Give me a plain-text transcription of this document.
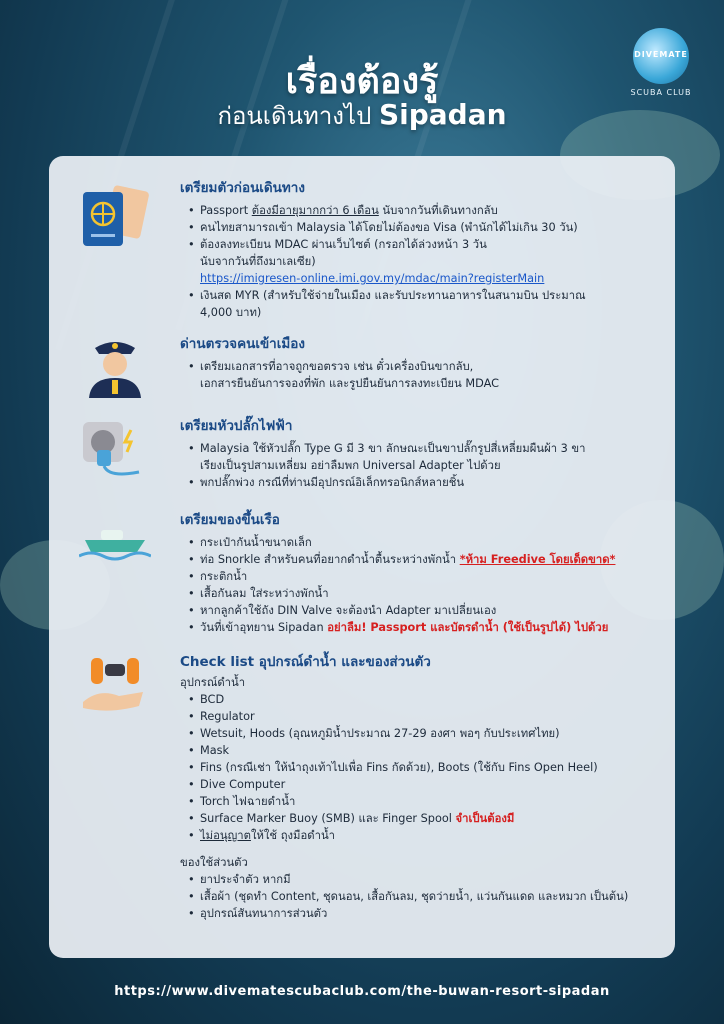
DIVEMATE
SCUBA CLUB
เรื่องต้องรู้
ก่อนเดินทางไป Sipadan
เตรียมตัวก่อนเดินทาง
• Passport ต้องมีอายุมากกว่า 6 เดือน นับจากวันที่เดินทางกลับ
• คนไทยสามารถเข้า Malaysia ได้โดยไม่ต้องขอ Visa (พำนักได้ไม่เกิน 30 วัน)
• ต้องลงทะเบียน MDAC ผ่านเว็บไซต์ (กรอกได้ล่วงหน้า 3 วัน
นับจากวันที่ถึงมาเลเซีย)
https://imigresen-online.imi.gov.my/mdac/main?registerMain
• เงินสด MYR (สำหรับใช้จ่ายในเมือง และรับประทานอาหารในสนามบิน ประมาณ
4,000 บาท)
ด่านตรวจคนเข้าเมือง
• เตรียมเอกสารที่อาจถูกขอตรวจ เช่น ตั๋วเครื่องบินขากลับ,
เอกสารยืนยันการจองที่พัก และรูปยืนยันการลงทะเบียน MDAC
เตรียมหัวปลั๊กไฟฟ้า
• Malaysia ใช้หัวปลั๊ก Type G มี 3 ขา ลักษณะเป็นขาปลั๊กรูปสี่เหลี่ยมผืนผ้า 3 ขา
เรียงเป็นรูปสามเหลี่ยม อย่าลืมพก Universal Adapter ไปด้วย
• พกปลั๊กพ่วง กรณีที่ท่านมีอุปกรณ์อิเล็กทรอนิกส์หลายชิ้น
เตรียมของขึ้นเรือ
• กระเป๋ากันน้ำขนาดเล็ก
• ท่อ Snorkle สำหรับคนที่อยากดำน้ำตื้นระหว่างพักน้ำ *ห้าม Freedive โดยเด็ดขาด*
• กระติกน้ำ
• เสื้อกันลม ใส่ระหว่างพักน้ำ
• หากลูกค้าใช้ถัง DIN Valve จะต้องนำ Adapter มาเปลี่ยนเอง
• วันที่เข้าอุทยาน Sipadan อย่าลืม! Passport และบัตรดำน้ำ (ใช้เป็นรูปได้) ไปด้วย
Check list อุปกรณ์ดำน้ำ และของส่วนตัว
อุปกรณ์ดำน้ำ
• BCD
• Regulator
• Wetsuit, Hoods (อุณหภูมิน้ำประมาณ 27-29 องศา พอๆ กับประเทศไทย)
• Mask
• Fins (กรณีเช่า ให้นำถุงเท้าไปเพื่อ Fins กัดด้วย), Boots (ใช้กับ Fins Open Heel)
• Dive Computer
• Torch ไฟฉายดำน้ำ
• Surface Marker Buoy (SMB) และ Finger Spool จำเป็นต้องมี
• ไม่อนุญาตให้ใช้ ถุงมือดำน้ำ
ของใช้ส่วนตัว
• ยาประจำตัว หากมี
• เสื้อผ้า (ชุดทำ Content, ชุดนอน, เสื้อกันลม, ชุดว่ายน้ำ, แว่นกันแดด และหมวก เป็นต้น)
• อุปกรณ์สันทนาการส่วนตัว
https://www.divematescubaclub.com/the-buwan-resort-sipadan
